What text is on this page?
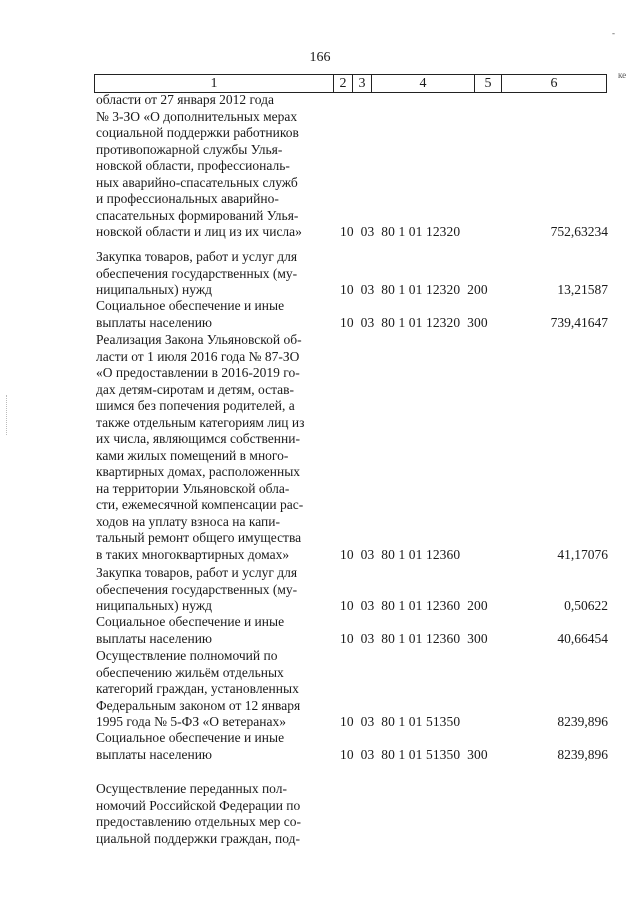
-
166
ке
1	2	3	4	5	6
области от 27 января 2012 года
№ 3-ЗО «О дополнительных мерах
социальной поддержки работников
противопожарной службы Улья-
новской области, профессиональ-
ных аварийно-спасательных служб
и профессиональных аварийно-
спасательных формирований Улья-
новской области и лиц из их числа»	10  03  80 1 01 12320	752,63234
Закупка товаров, работ и услуг для
обеспечения государственных (му-
ниципальных) нужд	10  03  80 1 01 12320  200	13,21587
Социальное обеспечение и иные
выплаты населению	10  03  80 1 01 12320  300	739,41647
Реализация Закона Ульяновской об-
ласти от 1 июля 2016 года № 87-ЗО
«О предоставлении в 2016-2019 го-
дах детям-сиротам и детям, остав-
шимся без попечения родителей, а
также отдельным категориям лиц из
их числа, являющимся собственни-
ками жилых помещений в много-
квартирных домах, расположенных
на территории Ульяновской обла-
сти, ежемесячной компенсации рас-
ходов на уплату взноса на капи-
тальный ремонт общего имущества
в таких многоквартирных домах»	10  03  80 1 01 12360	41,17076
Закупка товаров, работ и услуг для
обеспечения государственных (му-
ниципальных) нужд	10  03  80 1 01 12360  200	0,50622
Социальное обеспечение и иные
выплаты населению	10  03  80 1 01 12360  300	40,66454
Осуществление полномочий по
обеспечению жильём отдельных
категорий граждан, установленных
Федеральным законом от 12 января
1995 года № 5-ФЗ «О ветеранах»	10  03  80 1 01 51350	8239,896
Социальное обеспечение и иные
выплаты населению	10  03  80 1 01 51350  300	8239,896
Осуществление переданных пол-
номочий Российской Федерации по
предоставлению отдельных мер со-
циальной поддержки граждан, под-
